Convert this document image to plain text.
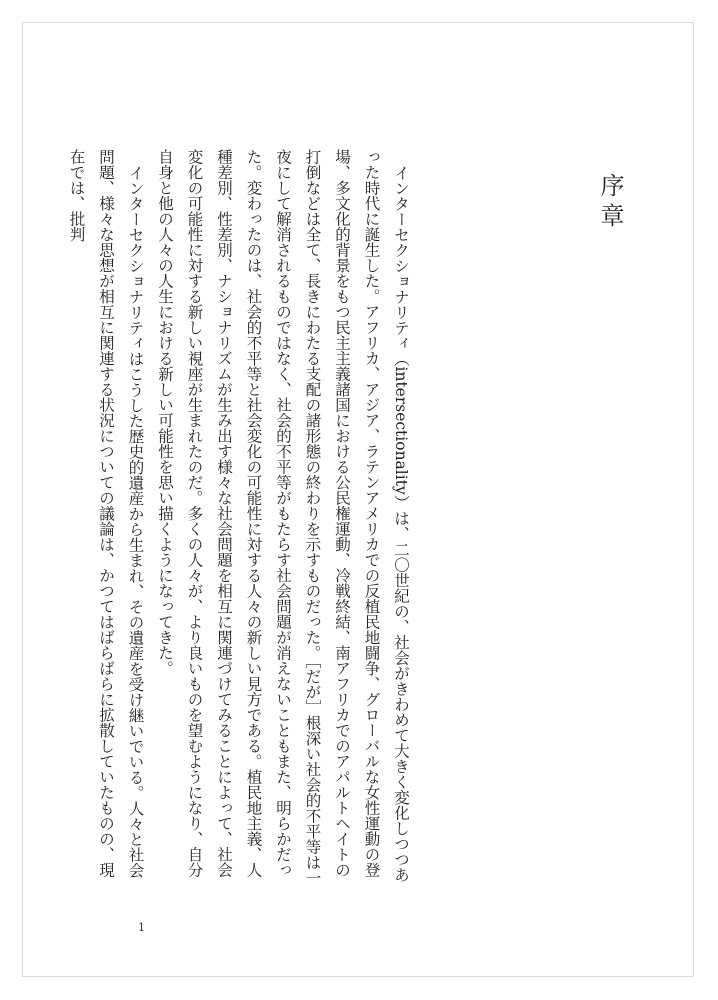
序章

インターセクショナリティ（intersectionality）は、二〇世紀の、社会がきわめて大きく変化しつつあった時代に誕生した。アフリカ、アジア、ラテンアメリカでの反植民地闘争、グローバルな女性運動の登場、多文化的背景をもつ民主主義諸国における公民権運動、冷戦終結、南アフリカでのアパルトヘイトの打倒などは全て、長きにわたる支配の諸形態の終わりを示すものだった。［だが］根深い社会的不平等は一夜にして解消されるものではなく、社会的不平等がもたらす社会問題が消えないこともまた、明らかだった。変わったのは、社会的不平等と社会変化の可能性に対する人々の新しい見方である。植民地主義、人種差別、性差別、ナショナリズムが生み出す様々な社会問題を相互に関連づけてみることによって、社会変化の可能性に対する新しい視座が生まれたのだ。多くの人々が、より良いものを望むようになり、自分自身と他の人々の人生における新しい可能性を思い描くようになってきた。

インターセクショナリティはこうした歴史的遺産から生まれ、その遺産を受け継いでいる。人々と社会問題、様々な思想が相互に関連する状況についての議論は、かつてはばらばらに拡散していたものの、現在では、批判

1
